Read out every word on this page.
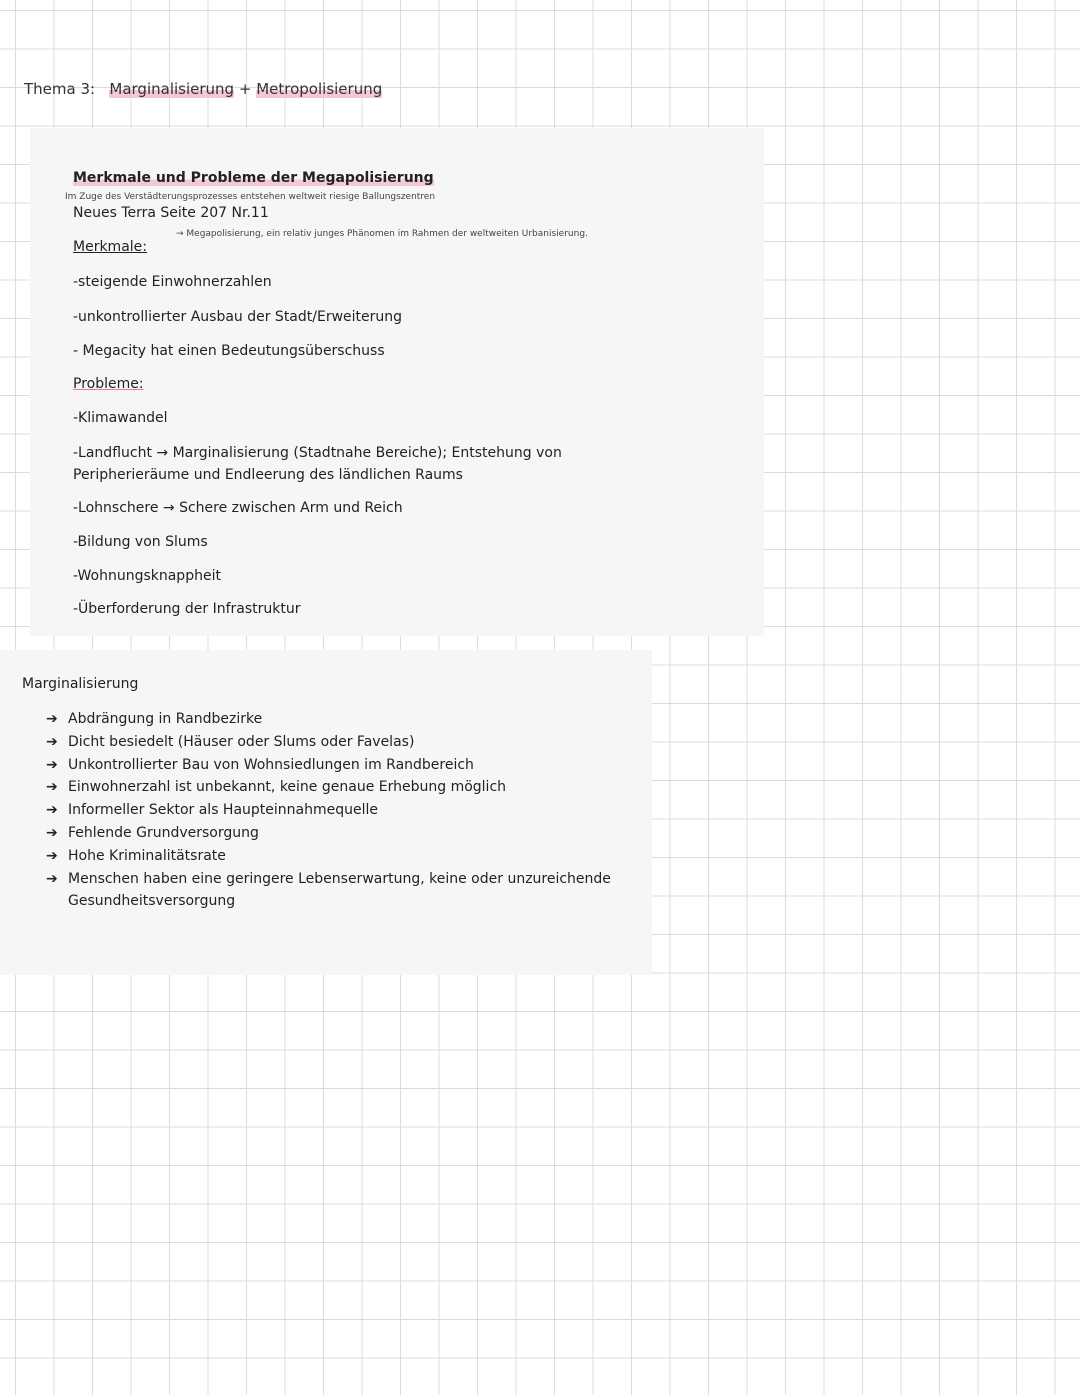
Thema 3: Marginalisierung + Metropolisierung
Merkmale und Probleme der Megapolisierung
Im Zuge des Verstädterungsprozesses entstehen weltweit riesige Ballungszentren
Neues Terra Seite 207 Nr.11
→ Megapolisierung, ein relativ junges Phänomen im Rahmen der weltweiten Urbanisierung.
Merkmale:
-steigende Einwohnerzahlen
-unkontrollierter Ausbau der Stadt/Erweiterung
- Megacity hat einen Bedeutungsüberschuss
Probleme:
-Klimawandel
-Landflucht → Marginalisierung (Stadtnahe Bereiche); Entstehung von Peripherieräume und Endleerung des ländlichen Raums
-Lohnschere → Schere zwischen Arm und Reich
-Bildung von Slums
-Wohnungsknappheit
-Überforderung der Infrastruktur
Marginalisierung
➔ Abdrängung in Randbezirke
➔ Dicht besiedelt (Häuser oder Slums oder Favelas)
➔ Unkontrollierter Bau von Wohnsiedlungen im Randbereich
➔ Einwohnerzahl ist unbekannt, keine genaue Erhebung möglich
➔ Informeller Sektor als Haupteinnahmequelle
➔ Fehlende Grundversorgung
➔ Hohe Kriminalitätsrate
➔ Menschen haben eine geringere Lebenserwartung, keine oder unzureichende Gesundheitsversorgung
